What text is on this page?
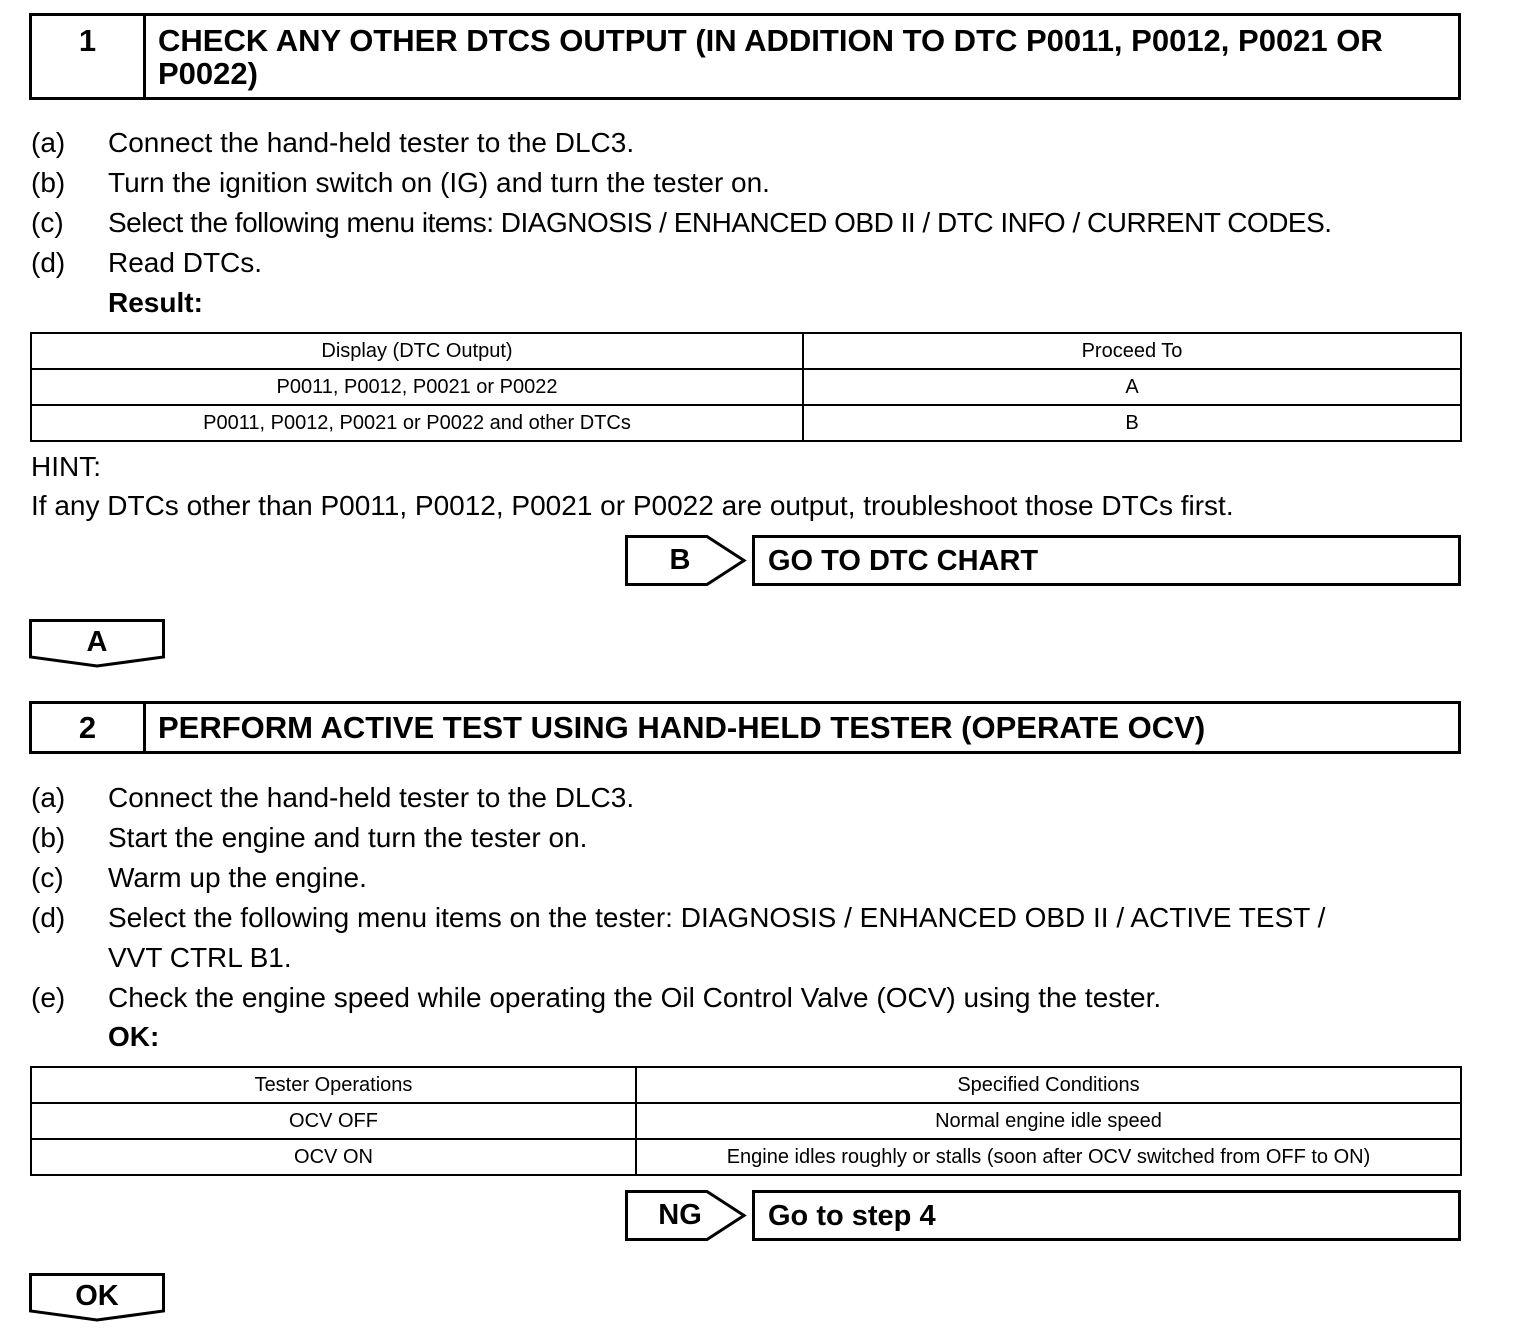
1	CHECK ANY OTHER DTCS OUTPUT (IN ADDITION TO DTC P0011, P0012, P0021 OR P0022)
(a) Connect the hand-held tester to the DLC3.
(b) Turn the ignition switch on (IG) and turn the tester on.
(c) Select the following menu items: DIAGNOSIS / ENHANCED OBD II / DTC INFO / CURRENT CODES.
(d) Read DTCs.
Result:
Display (DTC Output)	Proceed To
P0011, P0012, P0021 or P0022	A
P0011, P0012, P0021 or P0022 and other DTCs	B
HINT:
If any DTCs other than P0011, P0012, P0021 or P0022 are output, troubleshoot those DTCs first.
B	GO TO DTC CHART
A
2	PERFORM ACTIVE TEST USING HAND-HELD TESTER (OPERATE OCV)
(a) Connect the hand-held tester to the DLC3.
(b) Start the engine and turn the tester on.
(c) Warm up the engine.
(d) Select the following menu items on the tester: DIAGNOSIS / ENHANCED OBD II / ACTIVE TEST /
VVT CTRL B1.
(e) Check the engine speed while operating the Oil Control Valve (OCV) using the tester.
OK:
Tester Operations	Specified Conditions
OCV OFF	Normal engine idle speed
OCV ON	Engine idles roughly or stalls (soon after OCV switched from OFF to ON)
NG	Go to step 4
OK
